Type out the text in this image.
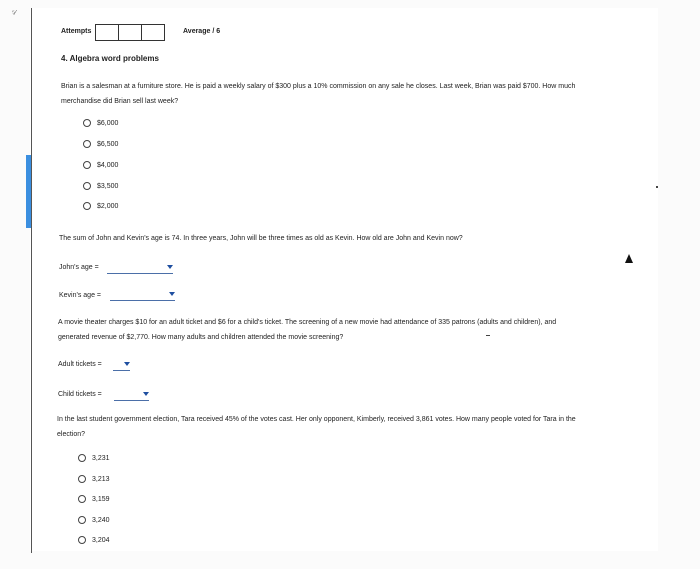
⁵⁄
Attempts	Average / 6
4. Algebra word problems
Brian is a salesman at a furniture store. He is paid a weekly salary of $300 plus a 10% commission on any sale he closes. Last week, Brian was paid $700. How much merchandise did Brian sell last week?
$6,000
$6,500
$4,000
$3,500
$2,000
The sum of John and Kevin's age is 74. In three years, John will be three times as old as Kevin. How old are John and Kevin now?
John's age =
Kevin's age =
A movie theater charges $10 for an adult ticket and $6 for a child's ticket. The screening of a new movie had attendance of 335 patrons (adults and children), and generated revenue of $2,770. How many adults and children attended the movie screening?
Adult tickets =
Child tickets =
In the last student government election, Tara received 45% of the votes cast. Her only opponent, Kimberly, received 3,861 votes. How many people voted for Tara in the election?
3,231
3,213
3,159
3,240
3,204
